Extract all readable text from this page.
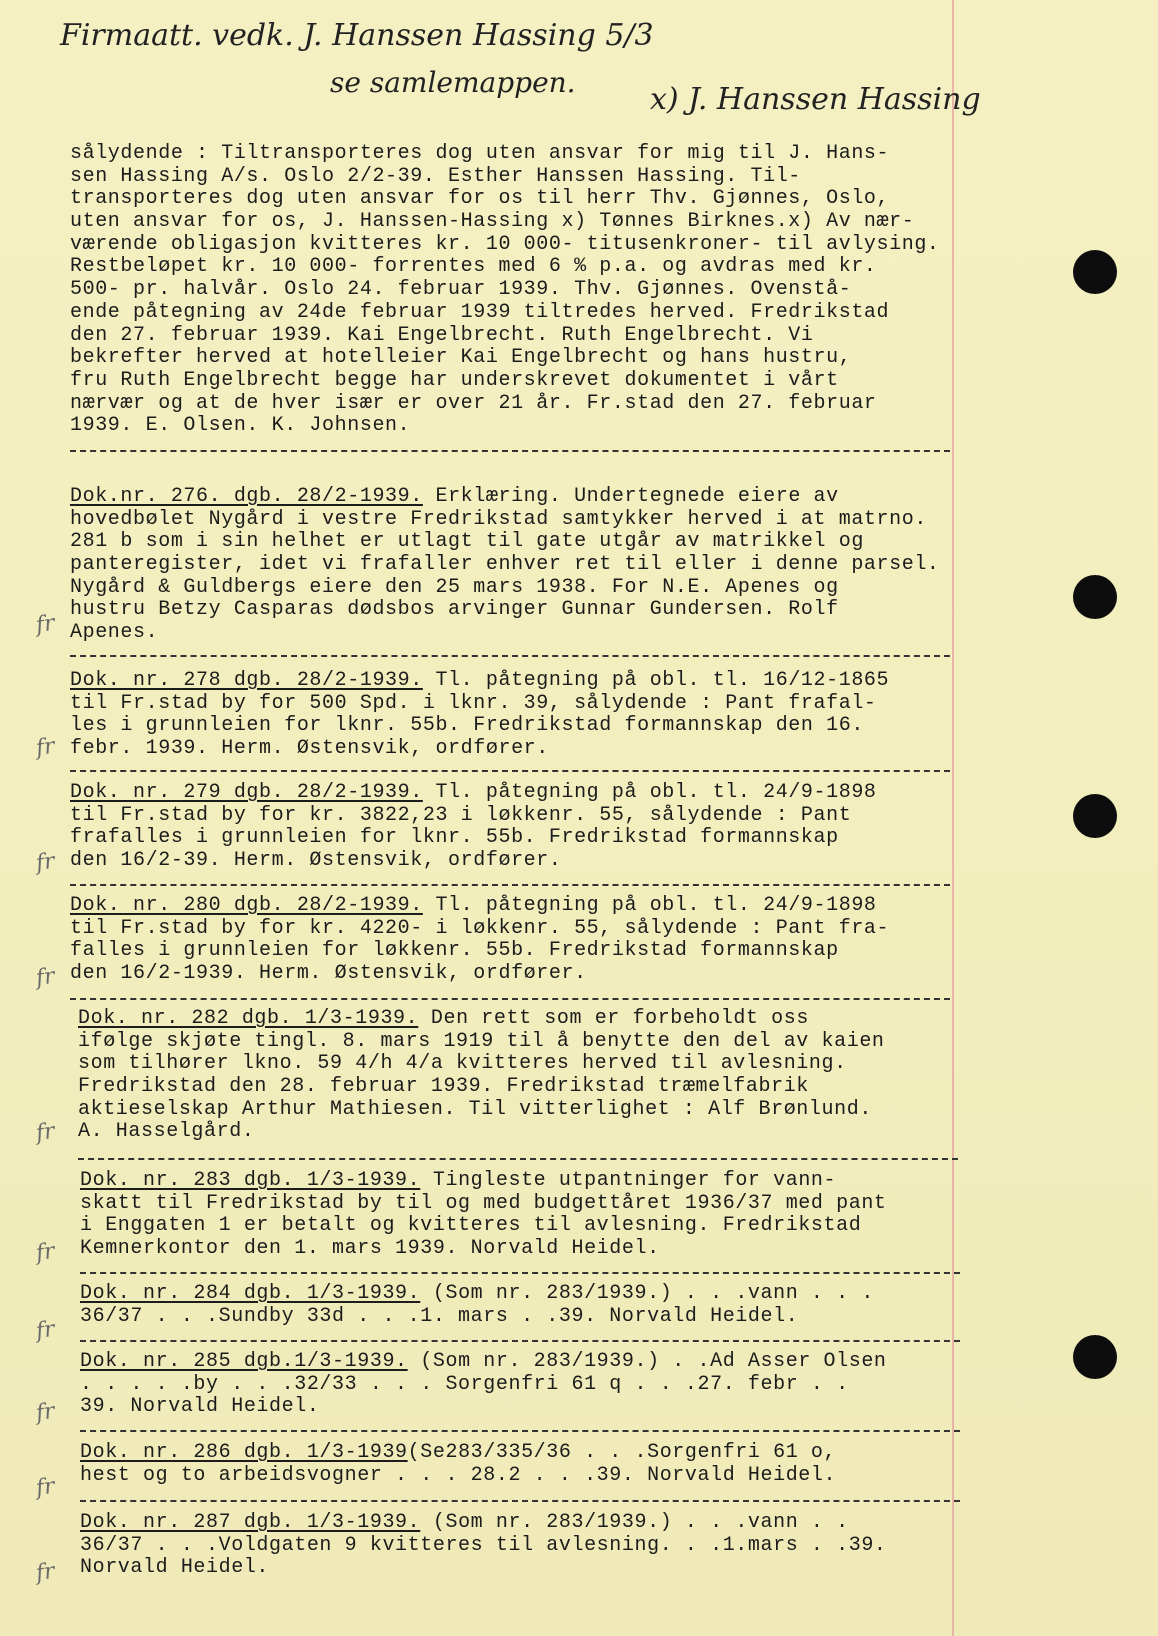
Firmaatt. vedk. J. Hanssen Hassing 5/3
se samlemappen. x) J. Hanssen Hassing
sålydende : Tiltransporteres dog uten ansvar for mig til J. Hans-
sen Hassing A/s. Oslo 2/2-39. Esther Hanssen Hassing. Til-
transporteres dog uten ansvar for os til herr Thv. Gjønnes, Oslo,
uten ansvar for os, J. Hanssen-Hassing x) Tønnes Birknes.x) Av nær-
værende obligasjon kvitteres kr. 10 000- titusenkroner- til avlysing.
Restbeløpet kr. 10 000- forrentes med 6 % p.a. og avdras med kr.
500- pr. halvår. Oslo 24. februar 1939. Thv. Gjønnes. Ovenstå-
ende påtegning av 24de februar 1939 tiltredes herved. Fredrikstad
den 27. februar 1939. Kai Engelbrecht. Ruth Engelbrecht. Vi
bekrefter herved at hotelleier Kai Engelbrecht og hans hustru,
fru Ruth Engelbrecht begge har underskrevet dokumentet i vårt
nærvær og at de hver især er over 21 år. Fr.stad den 27. februar
1939. E. Olsen. K. Johnsen.
Dok.nr. 276. dgb. 28/2-1939. Erklæring. Undertegnede eiere av
hovedbølet Nygård i vestre Fredrikstad samtykker herved i at matrno.
281 b som i sin helhet er utlagt til gate utgår av matrikkel og
panteregister, idet vi frafaller enhver ret til eller i denne parsel.
Nygård & Guldbergs eiere den 25 mars 1938. For N.E. Apenes og
hustru Betzy Casparas dødsbos arvinger Gunnar Gundersen. Rolf
Apenes.
fr
Dok. nr. 278 dgb. 28/2-1939. Tl. påtegning på obl. tl. 16/12-1865
til Fr.stad by for 500 Spd. i lknr. 39, sålydende : Pant frafal-
les i grunnleien for lknr. 55b. Fredrikstad formannskap den 16.
febr. 1939. Herm. Østensvik, ordfører.
fr
Dok. nr. 279 dgb. 28/2-1939. Tl. påtegning på obl. tl. 24/9-1898
til Fr.stad by for kr. 3822,23 i løkkenr. 55, sålydende : Pant
frafalles i grunnleien for lknr. 55b. Fredrikstad formannskap
den 16/2-39. Herm. Østensvik, ordfører.
fr
Dok. nr. 280 dgb. 28/2-1939. Tl. påtegning på obl. tl. 24/9-1898
til Fr.stad by for kr. 4220- i løkkenr. 55, sålydende : Pant fra-
falles i grunnleien for løkkenr. 55b. Fredrikstad formannskap
den 16/2-1939. Herm. Østensvik, ordfører.
fr
Dok. nr. 282 dgb. 1/3-1939. Den rett som er forbeholdt oss
ifølge skjøte tingl. 8. mars 1919 til å benytte den del av kaien
som tilhører lkno. 59 4/h 4/a kvitteres herved til avlesning.
Fredrikstad den 28. februar 1939. Fredrikstad træmelfabrik
aktieselskap Arthur Mathiesen. Til vitterlighet : Alf Brønlund.
A. Hasselgård.
fr
Dok. nr. 283 dgb. 1/3-1939. Tingleste utpantninger for vann-
skatt til Fredrikstad by til og med budgettåret 1936/37 med pant
i Enggaten 1 er betalt og kvitteres til avlesning. Fredrikstad
Kemnerkontor den 1. mars 1939. Norvald Heidel.
fr
Dok. nr. 284 dgb. 1/3-1939. (Som nr. 283/1939.) . . .vann . . .
36/37 . . .Sundby 33d . . .1. mars . .39. Norvald Heidel.
fr
Dok. nr. 285 dgb.1/3-1939. (Som nr. 283/1939.) . .Ad Asser Olsen
. . . . .by . . .32/33 . . . Sorgenfri 61 q . . .27. febr . .
39. Norvald Heidel.
fr
Dok. nr. 286 dgb. 1/3-1939(Se283/335/36 . . .Sorgenfri 61 o,
hest og to arbeidsvogner . . . 28.2 . . .39. Norvald Heidel.
fr
Dok. nr. 287 dgb. 1/3-1939. (Som nr. 283/1939.) . . .vann . .
36/37 . . .Voldgaten 9 kvitteres til avlesning. . .1.mars . .39.
Norvald Heidel.
fr
